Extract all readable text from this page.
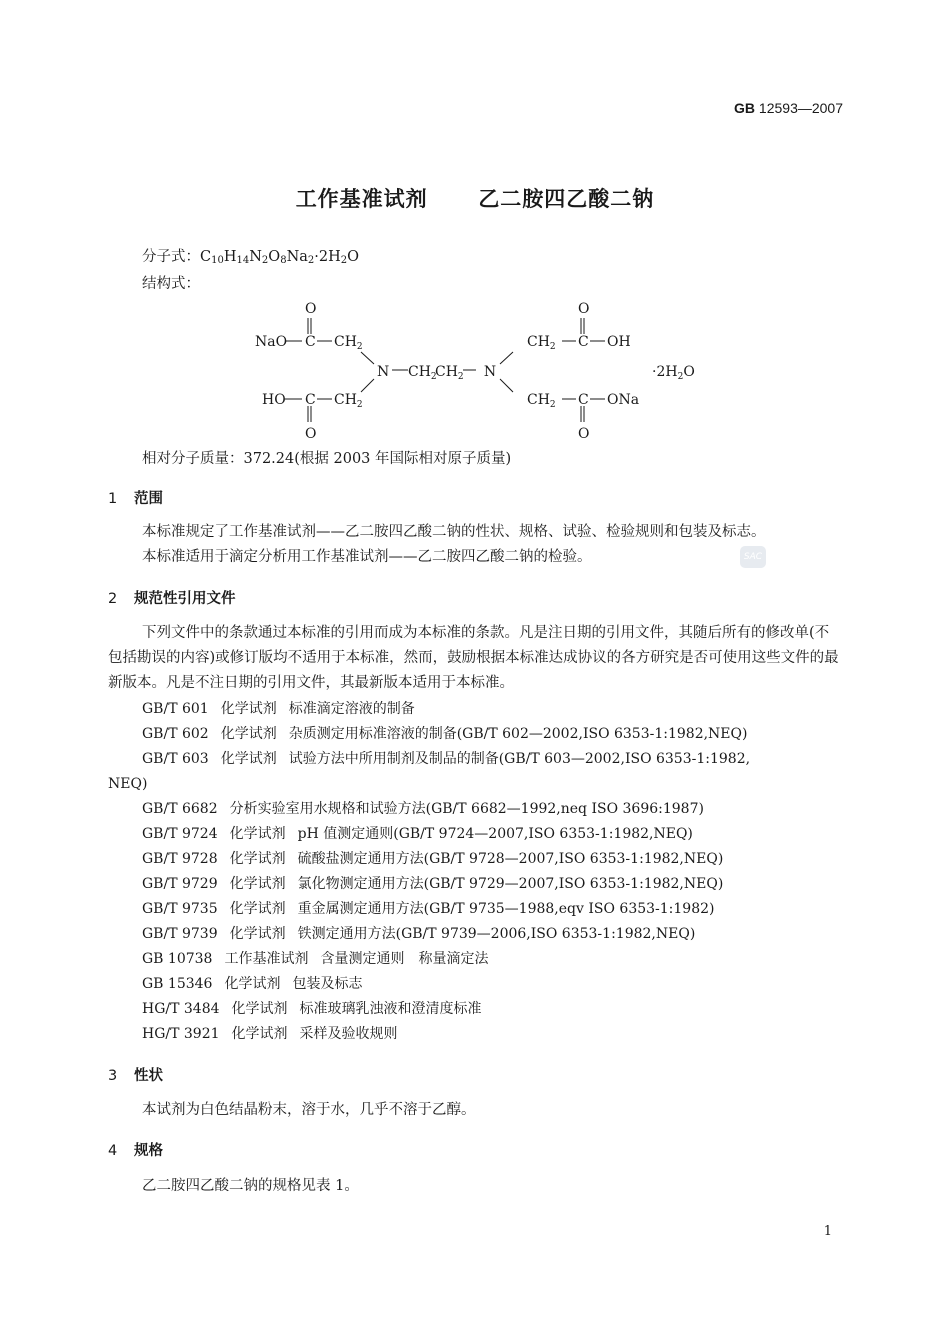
GB 12593—2007
工作基准试剂 乙二胺四乙酸二钠
分子式：C10H14N2O8Na2·2H2O
结构式：
O
NaO C $CH_2$
HO C $CH_2$
O
N $CH_2$
$CH_2$ N
O
$CH_2$ C OH
$CH_2$ C ONa
O
$\cdot 2H_2O$
相对分子质量：372.24(根据 2003 年国际相对原子质量)
1 范围
本标准规定了工作基准试剂——乙二胺四乙酸二钠的性状、规格、试验、检验规则和包装及标志。
本标准适用于滴定分析用工作基准试剂——乙二胺四乙酸二钠的检验。	SAC
2 规范性引用文件
下列文件中的条款通过本标准的引用而成为本标准的条款。凡是注日期的引用文件，其随后所有的修改单(不包括勘误的内容)或修订版均不适用于本标准，然而，鼓励根据本标准达成协议的各方研究是否可使用这些文件的最新版本。凡是不注日期的引用文件，其最新版本适用于本标准。
GB/T 601 化学试剂 标准滴定溶液的制备
GB/T 602 化学试剂 杂质测定用标准溶液的制备(GB/T 602—2002,ISO 6353-1:1982,NEQ)
GB/T 603 化学试剂 试验方法中所用制剂及制品的制备(GB/T 603—2002,ISO 6353-1:1982,
NEQ)
GB/T 6682 分析实验室用水规格和试验方法(GB/T 6682—1992,neq ISO 3696:1987)
GB/T 9724 化学试剂 pH 值测定通则(GB/T 9724—2007,ISO 6353-1:1982,NEQ)
GB/T 9728 化学试剂 硫酸盐测定通用方法(GB/T 9728—2007,ISO 6353-1:1982,NEQ)
GB/T 9729 化学试剂 氯化物测定通用方法(GB/T 9729—2007,ISO 6353-1:1982,NEQ)
GB/T 9735 化学试剂 重金属测定通用方法(GB/T 9735—1988,eqv ISO 6353-1:1982)
GB/T 9739 化学试剂 铁测定通用方法(GB/T 9739—2006,ISO 6353-1:1982,NEQ)
GB 10738 工作基准试剂 含量测定通则　称量滴定法
GB 15346 化学试剂 包装及标志
HG/T 3484 化学试剂 标准玻璃乳浊液和澄清度标准
HG/T 3921 化学试剂 采样及验收规则
3 性状
本试剂为白色结晶粉末，溶于水，几乎不溶于乙醇。
4 规格
乙二胺四乙酸二钠的规格见表 1。
1
